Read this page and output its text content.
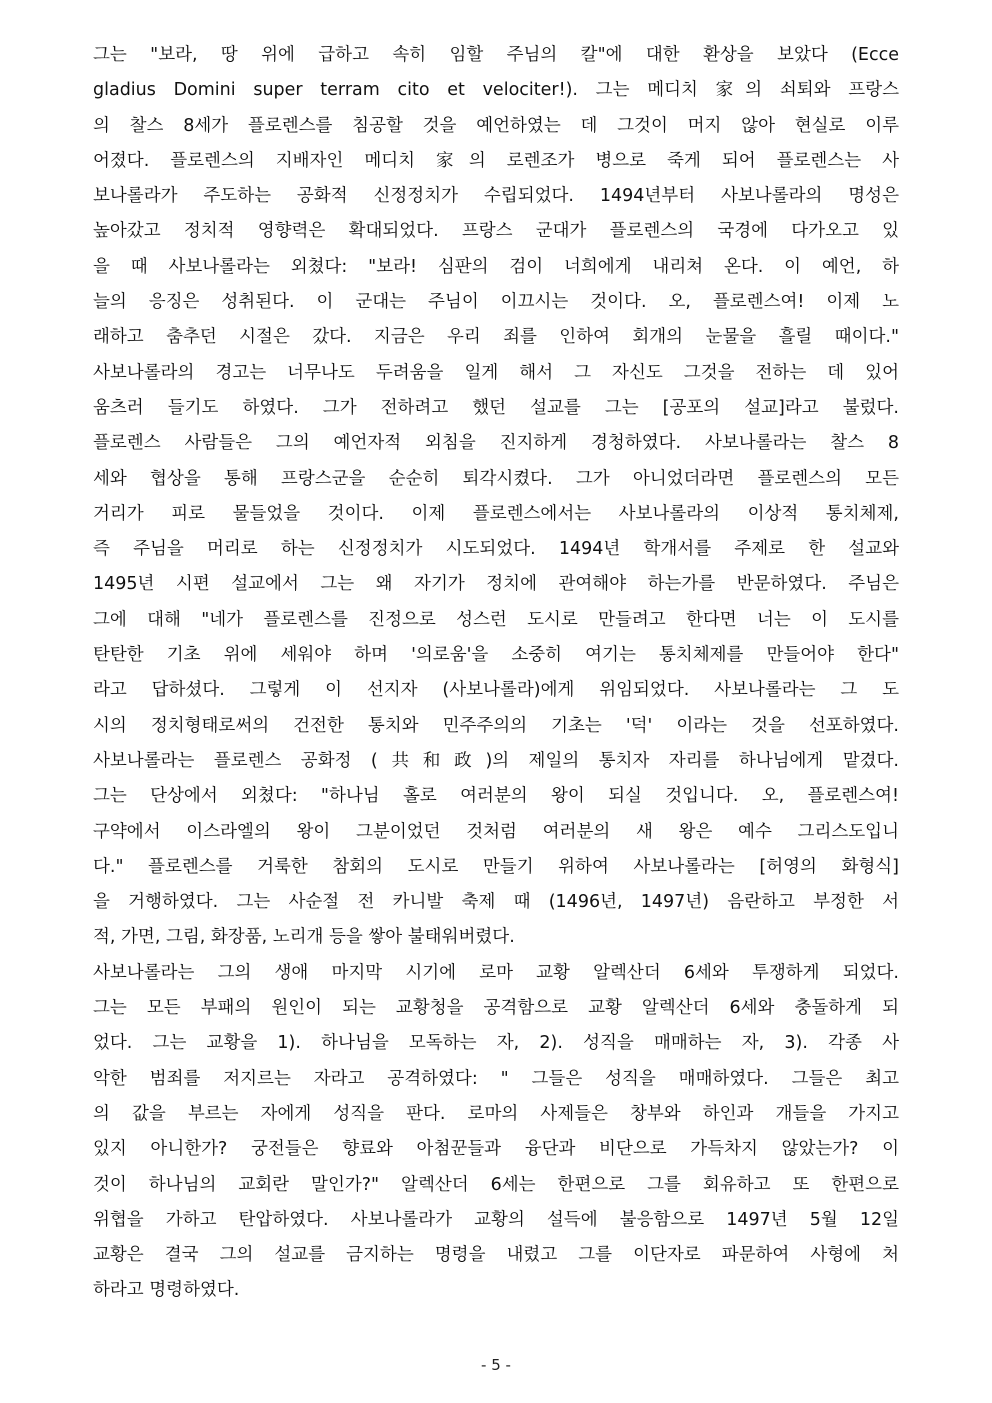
그는 "보라, 땅 위에 급하고 속히 임할 주님의 칼"에 대한 환상을 보았다 (Ecce
gladius Domini super terram cito et velociter!). 그는 메디치 家의 쇠퇴와 프랑스
의 찰스 8세가 플로렌스를 침공할 것을 예언하였는 데 그것이 머지 않아 현실로 이루
어졌다. 플로렌스의 지배자인 메디치 家의 로렌조가 병으로 죽게 되어 플로렌스는 사
보나롤라가 주도하는 공화적 신정정치가 수립되었다. 1494년부터 사보나롤라의 명성은
높아갔고 정치적 영향력은 확대되었다. 프랑스 군대가 플로렌스의 국경에 다가오고 있
을 때 사보나롤라는 외쳤다: "보라! 심판의 검이 너희에게 내리쳐 온다. 이 예언, 하
늘의 응징은 성취된다. 이 군대는 주님이 이끄시는 것이다. 오, 플로렌스여! 이제 노
래하고 춤추던 시절은 갔다. 지금은 우리 죄를 인하여 회개의 눈물을 흘릴 때이다."
사보나롤라의 경고는 너무나도 두려움을 일게 해서 그 자신도 그것을 전하는 데 있어
움츠러 들기도 하였다. 그가 전하려고 했던 설교를 그는 [공포의 설교]라고 불렀다.
플로렌스 사람들은 그의 예언자적 외침을 진지하게 경청하였다. 사보나롤라는 찰스 8
세와 협상을 통해 프랑스군을 순순히 퇴각시켰다. 그가 아니었더라면 플로렌스의 모든
거리가 피로 물들었을 것이다. 이제 플로렌스에서는 사보나롤라의 이상적 통치체제,
즉 주님을 머리로 하는 신정정치가 시도되었다. 1494년 학개서를 주제로 한 설교와
1495년 시편 설교에서 그는 왜 자기가 정치에 관여해야 하는가를 반문하였다. 주님은
그에 대해 "네가 플로렌스를 진정으로 성스런 도시로 만들려고 한다면 너는 이 도시를
탄탄한 기초 위에 세워야 하며 '의로움'을 소중히 여기는 통치체제를 만들어야 한다"
라고 답하셨다. 그렇게 이 선지자 (사보나롤라)에게 위임되었다. 사보나롤라는 그 도
시의 정치형태로써의 건전한 통치와 민주주의의 기초는 '덕' 이라는 것을 선포하였다.
사보나롤라는 플로렌스 공화정 (共和政)의 제일의 통치자 자리를 하나님에게 맡겼다.
그는 단상에서 외쳤다: "하나님 홀로 여러분의 왕이 되실 것입니다. 오, 플로렌스여!
구약에서 이스라엘의 왕이 그분이었던 것처럼 여러분의 새 왕은 예수 그리스도입니
다." 플로렌스를 거룩한 참회의 도시로 만들기 위하여 사보나롤라는 [허영의 화형식]
을 거행하였다. 그는 사순절 전 카니발 축제 때 (1496년, 1497년) 음란하고 부정한 서
적, 가면, 그림, 화장품, 노리개 등을 쌓아 불태워버렸다.
사보나롤라는 그의 생애 마지막 시기에 로마 교황 알렉산더 6세와 투쟁하게 되었다.
그는 모든 부패의 원인이 되는 교황청을 공격함으로 교황 알렉산더 6세와 충돌하게 되
었다. 그는 교황을 1). 하나님을 모독하는 자, 2). 성직을 매매하는 자, 3). 각종 사
악한 범죄를 저지르는 자라고 공격하였다: " 그들은 성직을 매매하였다. 그들은 최고
의 값을 부르는 자에게 성직을 판다. 로마의 사제들은 창부와 하인과 개들을 가지고
있지 아니한가? 궁전들은 향료와 아첨꾼들과 융단과 비단으로 가득차지 않았는가? 이
것이 하나님의 교회란 말인가?" 알렉산더 6세는 한편으로 그를 회유하고 또 한편으로
위협을 가하고 탄압하였다. 사보나롤라가 교황의 설득에 불응함으로 1497년 5월 12일
교황은 결국 그의 설교를 금지하는 명령을 내렸고 그를 이단자로 파문하여 사형에 처
하라고 명령하였다.
- 5 -
